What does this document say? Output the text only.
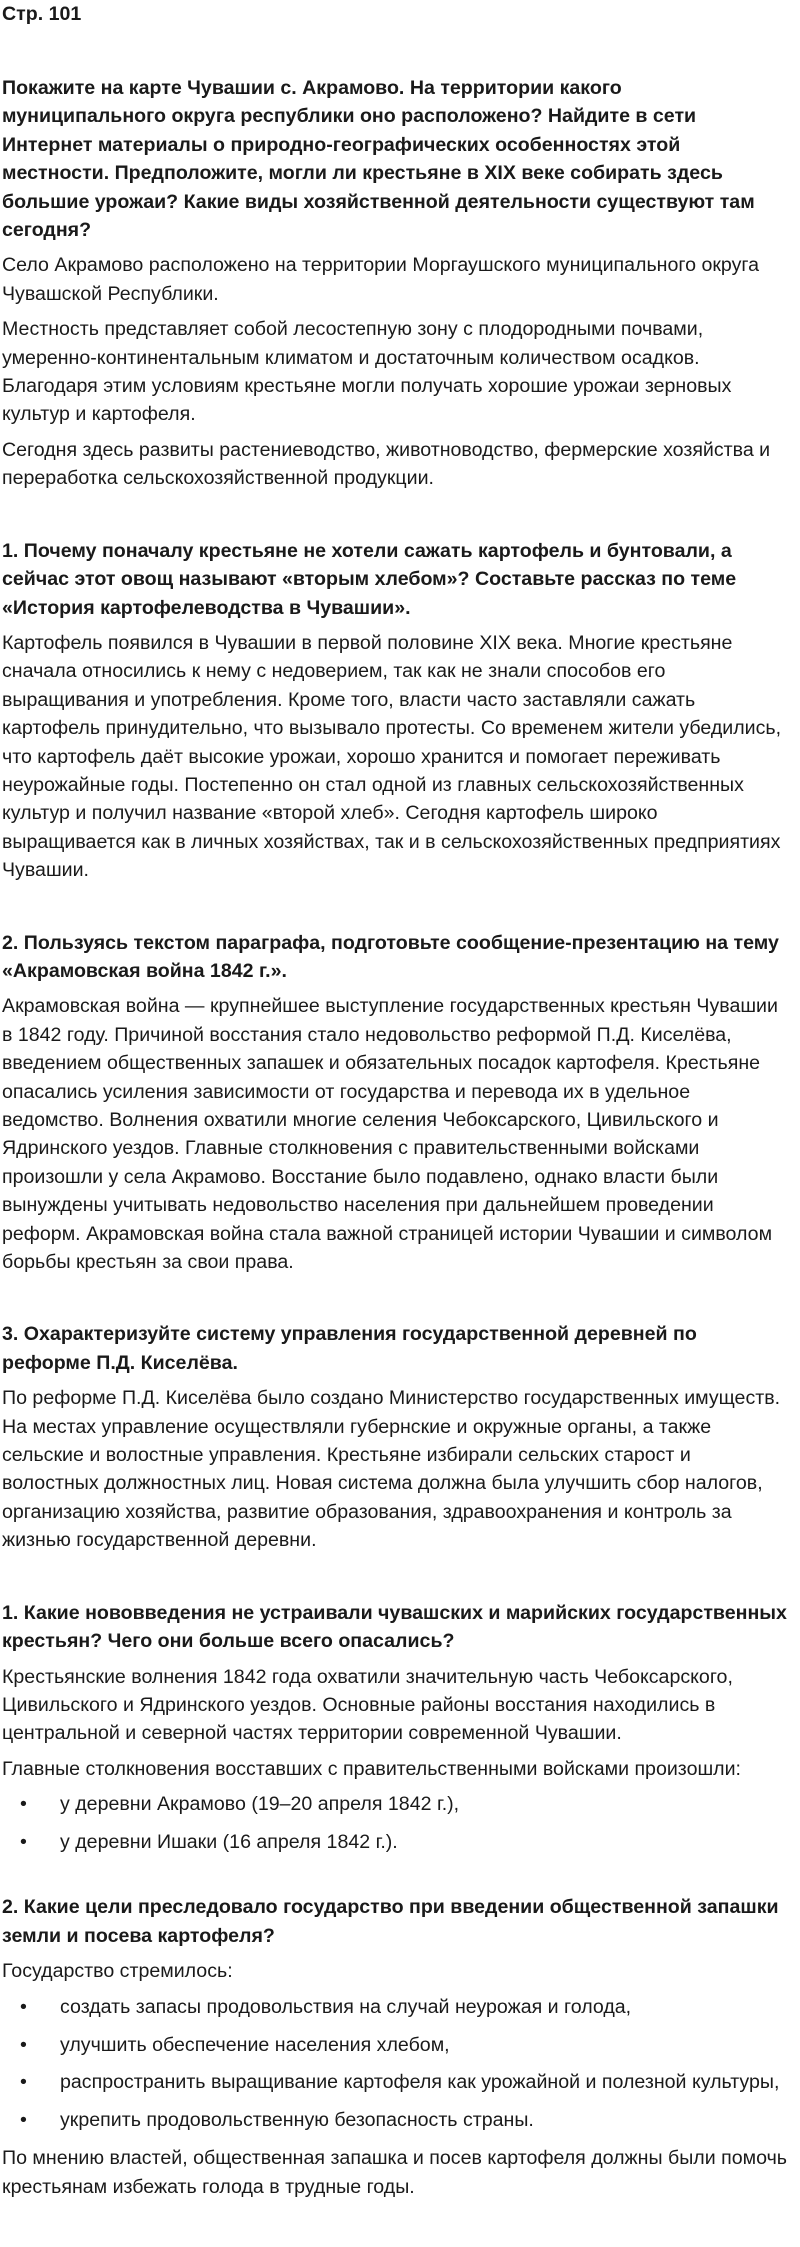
Стр. 101
Покажите на карте Чувашии с. Акрамово. На территории какого муниципального округа республики оно расположено? Найдите в сети Интернет материалы о природно-географических особенностях этой местности. Предположите, могли ли крестьяне в XIX веке собирать здесь большие урожаи? Какие виды хозяйственной деятельности существуют там сегодня?

Село Акрамово расположено на территории Моргаушского муниципального округа Чувашской Республики.

Местность представляет собой лесостепную зону с плодородными почвами, умеренно-континентальным климатом и достаточным количеством осадков. Благодаря этим условиям крестьяне могли получать хорошие урожаи зерновых культур и картофеля.

Сегодня здесь развиты растениеводство, животноводство, фермерские хозяйства и переработка сельскохозяйственной продукции.

1. Почему поначалу крестьяне не хотели сажать картофель и бунтовали, а сейчас этот овощ называют «вторым хлебом»? Составьте рассказ по теме «История картофелеводства в Чувашии».

Картофель появился в Чувашии в первой половине XIX века. Многие крестьяне сначала относились к нему с недоверием, так как не знали способов его выращивания и употребления. Кроме того, власти часто заставляли сажать картофель принудительно, что вызывало протесты. Со временем жители убедились, что картофель даёт высокие урожаи, хорошо хранится и помогает переживать неурожайные годы. Постепенно он стал одной из главных сельскохозяйственных культур и получил название «второй хлеб». Сегодня картофель широко выращивается как в личных хозяйствах, так и в сельскохозяйственных предприятиях Чувашии.

2. Пользуясь текстом параграфа, подготовьте сообщение-презентацию на тему «Акрамовская война 1842 г.».

Акрамовская война — крупнейшее выступление государственных крестьян Чувашии в 1842 году. Причиной восстания стало недовольство реформой П.Д. Киселёва, введением общественных запашек и обязательных посадок картофеля. Крестьяне опасались усиления зависимости от государства и перевода их в удельное ведомство. Волнения охватили многие селения Чебоксарского, Цивильского и Ядринского уездов. Главные столкновения с правительственными войсками произошли у села Акрамово. Восстание было подавлено, однако власти были вынуждены учитывать недовольство населения при дальнейшем проведении реформ. Акрамовская война стала важной страницей истории Чувашии и символом борьбы крестьян за свои права.

3. Охарактеризуйте систему управления государственной деревней по реформе П.Д. Киселёва.

По реформе П.Д. Киселёва было создано Министерство государственных имуществ. На местах управление осуществляли губернские и окружные органы, а также сельские и волостные управления. Крестьяне избирали сельских старост и волостных должностных лиц. Новая система должна была улучшить сбор налогов, организацию хозяйства, развитие образования, здравоохранения и контроль за жизнью государственной деревни.

1. Какие нововведения не устраивали чувашских и марийских государственных крестьян? Чего они больше всего опасались?

Крестьянские волнения 1842 года охватили значительную часть Чебоксарского, Цивильского и Ядринского уездов. Основные районы восстания находились в центральной и северной частях территории современной Чувашии.

Главные столкновения восставших с правительственными войсками произошли:

• у деревни Акрамово (19–20 апреля 1842 г.),
• у деревни Ишаки (16 апреля 1842 г.).
2. Какие цели преследовало государство при введении общественной запашки земли и посева картофеля?

Государство стремилось:

• создать запасы продовольствия на случай неурожая и голода,
• улучшить обеспечение населения хлебом,
• распространить выращивание картофеля как урожайной и полезной культуры,
• укрепить продовольственную безопасность страны.

По мнению властей, общественная запашка и посев картофеля должны были помочь крестьянам избежать голода в трудные годы.
